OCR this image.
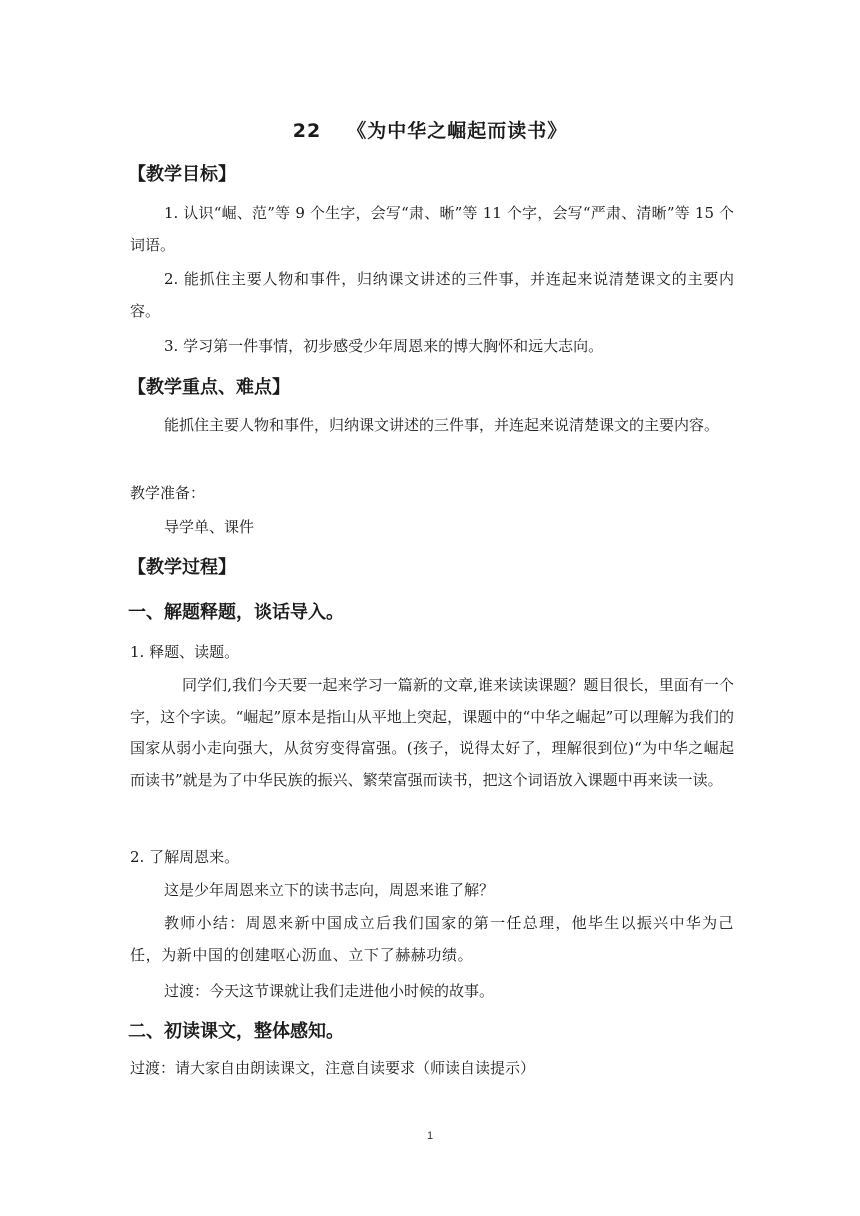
22 《为中华之崛起而读书》
【教学目标】
1. 认识“崛、范”等 9 个生字，会写“肃、晰”等 11 个字，会写“严肃、清晰”等 15 个词语。
2. 能抓住主要人物和事件，归纳课文讲述的三件事，并连起来说清楚课文的主要内容。
3. 学习第一件事情，初步感受少年周恩来的博大胸怀和远大志向。
【教学重点、难点】
能抓住主要人物和事件，归纳课文讲述的三件事，并连起来说清楚课文的主要内容。
教学准备：
导学单、课件
【教学过程】
一、解题释题，谈话导入。
1. 释题、读题。
同学们,我们今天要一起来学习一篇新的文章,谁来读读课题？题目很长，里面有一个字，这个字读。“崛起”原本是指山从平地上突起，课题中的“中华之崛起”可以理解为我们的国家从弱小走向强大，从贫穷变得富强。(孩子，说得太好了，理解很到位)“为中华之崛起而读书”就是为了中华民族的振兴、繁荣富强而读书，把这个词语放入课题中再来读一读。
2. 了解周恩来。
这是少年周恩来立下的读书志向，周恩来谁了解？
教师小结：周恩来新中国成立后我们国家的第一任总理，他毕生以振兴中华为己任，为新中国的创建呕心沥血、立下了赫赫功绩。
过渡：今天这节课就让我们走进他小时候的故事。
二、初读课文，整体感知。
过渡：请大家自由朗读课文，注意自读要求（师读自读提示）
1
